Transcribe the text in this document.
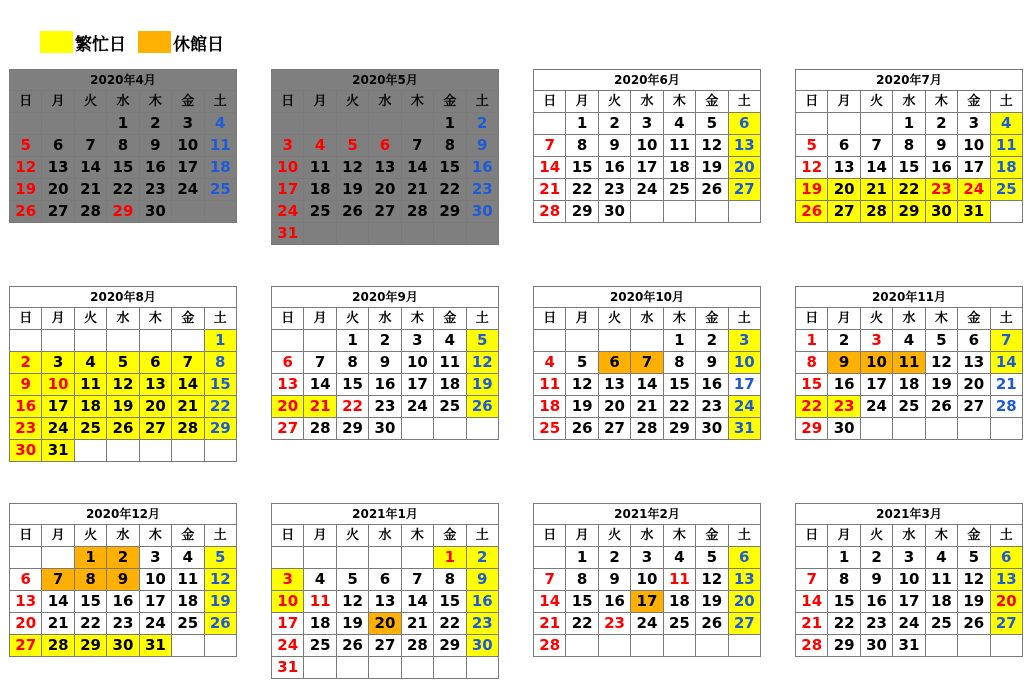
繁忙日	休館日
2020年4月						
日	月	火	水	木	金	土
			1	2	3	4
5	6	7	8	9	10	11
12	13	14	15	16	17	18
19	20	21	22	23	24	25
26	27	28	29	30		
2020年5月						
日	月	火	水	木	金	土
					1	2
3	4	5	6	7	8	9
10	11	12	13	14	15	16
17	18	19	20	21	22	23
24	25	26	27	28	29	30
31						
2020年6月						
日	月	火	水	木	金	土
	1	2	3	4	5	6
7	8	9	10	11	12	13
14	15	16	17	18	19	20
21	22	23	24	25	26	27
28	29	30				
2020年7月						
日	月	火	水	木	金	土
			1	2	3	4
5	6	7	8	9	10	11
12	13	14	15	16	17	18
19	20	21	22	23	24	25
26	27	28	29	30	31	
2020年8月						
日	月	火	水	木	金	土
						1
2	3	4	5	6	7	8
9	10	11	12	13	14	15
16	17	18	19	20	21	22
23	24	25	26	27	28	29
30	31					
2020年9月						
日	月	火	水	木	金	土
		1	2	3	4	5
6	7	8	9	10	11	12
13	14	15	16	17	18	19
20	21	22	23	24	25	26
27	28	29	30			
2020年10月						
日	月	火	水	木	金	土
				1	2	3
4	5	6	7	8	9	10
11	12	13	14	15	16	17
18	19	20	21	22	23	24
25	26	27	28	29	30	31
2020年11月						
日	月	火	水	木	金	土
1	2	3	4	5	6	7
8	9	10	11	12	13	14
15	16	17	18	19	20	21
22	23	24	25	26	27	28
29	30					
2020年12月						
日	月	火	水	木	金	土
		1	2	3	4	5
6	7	8	9	10	11	12
13	14	15	16	17	18	19
20	21	22	23	24	25	26
27	28	29	30	31		
2021年1月						
日	月	火	水	木	金	土
					1	2
3	4	5	6	7	8	9
10	11	12	13	14	15	16
17	18	19	20	21	22	23
24	25	26	27	28	29	30
31						
2021年2月						
日	月	火	水	木	金	土
	1	2	3	4	5	6
7	8	9	10	11	12	13
14	15	16	17	18	19	20
21	22	23	24	25	26	27
28						
2021年3月						
日	月	火	水	木	金	土
	1	2	3	4	5	6
7	8	9	10	11	12	13
14	15	16	17	18	19	20
21	22	23	24	25	26	27
28	29	30	31			
